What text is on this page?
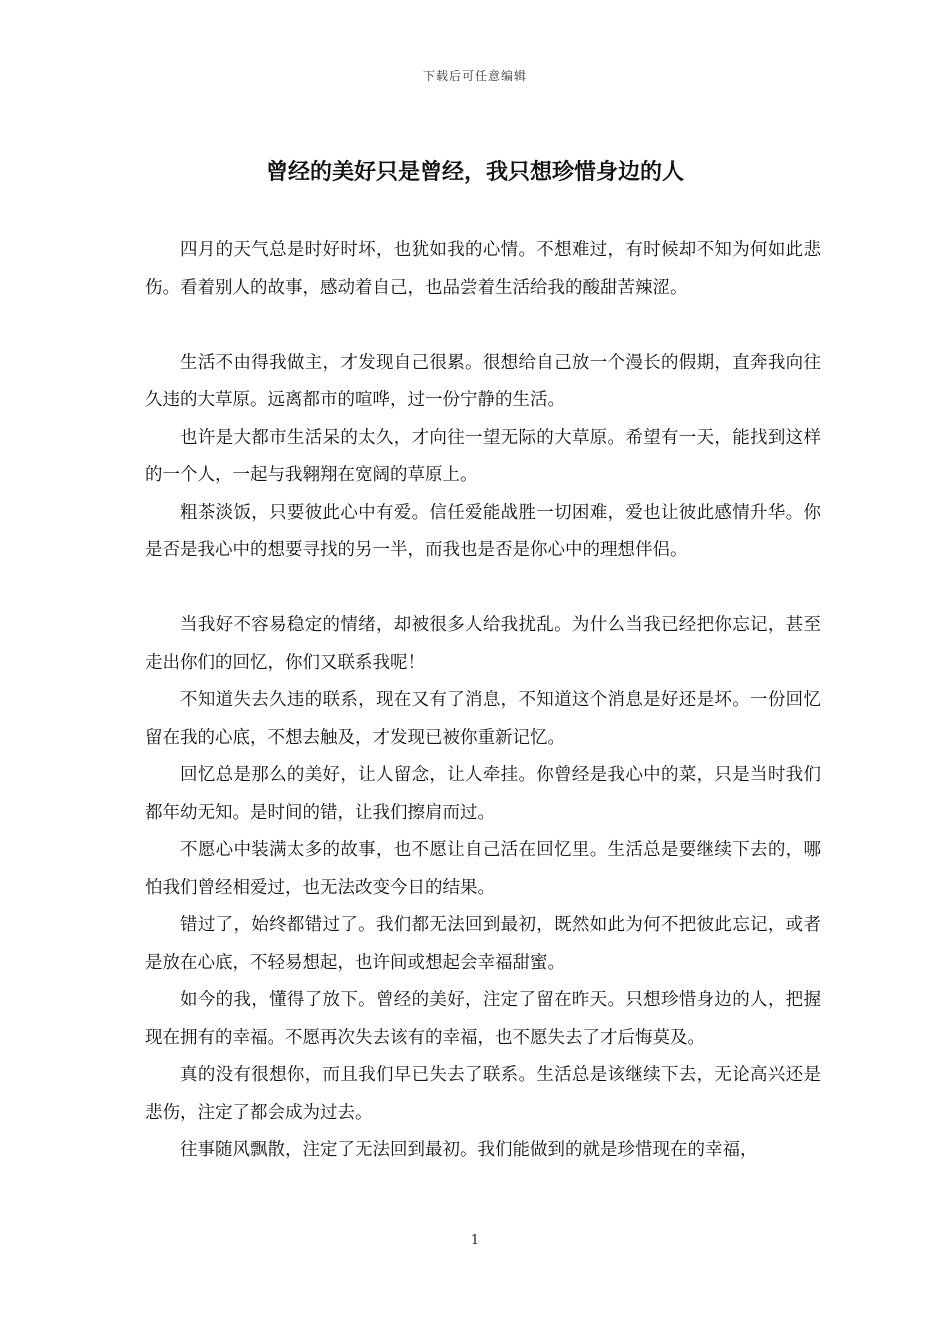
下载后可任意编辑
曾经的美好只是曾经，我只想珍惜身边的人

四月的天气总是时好时坏，也犹如我的心情。不想难过，有时候却不知为何如此悲伤。看着别人的故事，感动着自己，也品尝着生活给我的酸甜苦辣涩。

生活不由得我做主，才发现自己很累。很想给自己放一个漫长的假期，直奔我向往久违的大草原。远离都市的喧哗，过一份宁静的生活。

也许是大都市生活呆的太久，才向往一望无际的大草原。希望有一天，能找到这样的一个人，一起与我翱翔在宽阔的草原上。

粗茶淡饭，只要彼此心中有爱。信任爱能战胜一切困难，爱也让彼此感情升华。你是否是我心中的想要寻找的另一半，而我也是否是你心中的理想伴侣。

当我好不容易稳定的情绪，却被很多人给我扰乱。为什么当我已经把你忘记，甚至走出你们的回忆，你们又联系我呢！

不知道失去久违的联系，现在又有了消息，不知道这个消息是好还是坏。一份回忆留在我的心底，不想去触及，才发现已被你重新记忆。

回忆总是那么的美好，让人留念，让人牵挂。你曾经是我心中的菜，只是当时我们都年幼无知。是时间的错，让我们擦肩而过。

不愿心中装满太多的故事，也不愿让自己活在回忆里。生活总是要继续下去的，哪怕我们曾经相爱过，也无法改变今日的结果。

错过了，始终都错过了。我们都无法回到最初，既然如此为何不把彼此忘记，或者是放在心底，不轻易想起，也许间或想起会幸福甜蜜。

如今的我，懂得了放下。曾经的美好，注定了留在昨天。只想珍惜身边的人，把握现在拥有的幸福。不愿再次失去该有的幸福，也不愿失去了才后悔莫及。

真的没有很想你，而且我们早已失去了联系。生活总是该继续下去，无论高兴还是悲伤，注定了都会成为过去。

往事随风飘散，注定了无法回到最初。我们能做到的就是珍惜现在的幸福，

1
